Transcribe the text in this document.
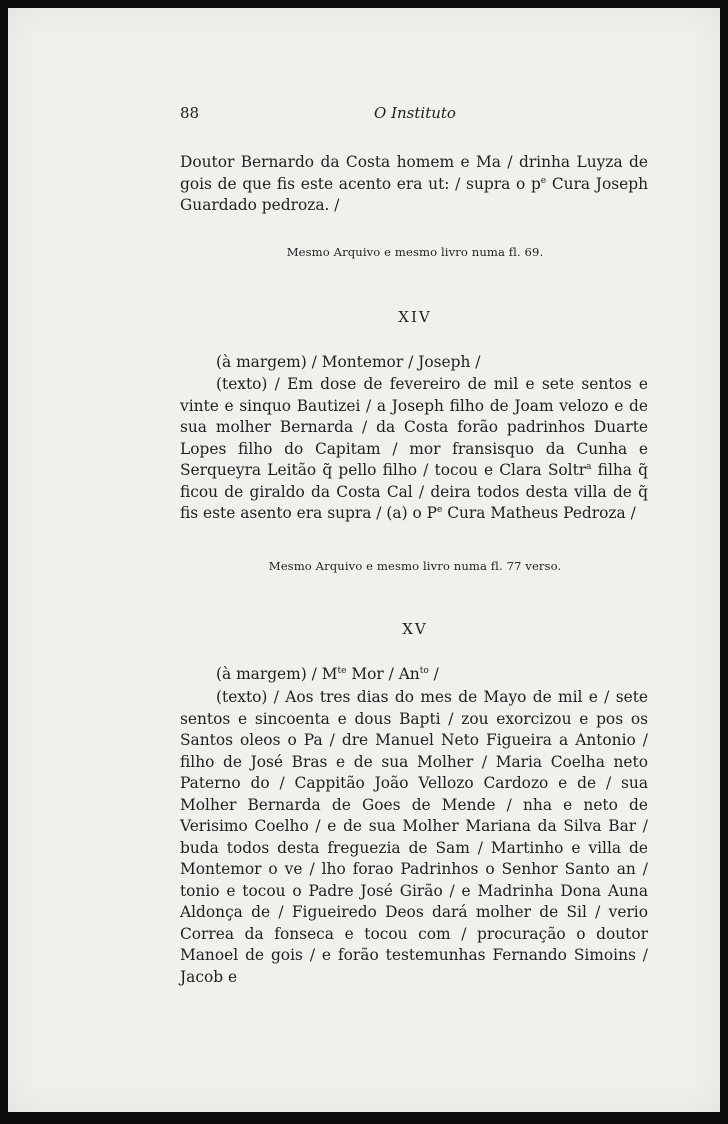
88	O Instituto

Doutor Bernardo da Costa homem e Ma / drinha Luyza de gois de que fis este acento era ut: / supra o $p^e$ Cura Joseph Guardado pedroza. /

Mesmo Arquivo e mesmo livro numa fl. 69.

XIV

(à margem) / Montemor / Joseph /

(texto) / Em dose de fevereiro de mil e sete sentos e vinte e sinquo Bautizei / a Joseph filho de Joam velozo e de sua molher Bernarda / da Costa forão padrinhos Duarte Lopes filho do Capitam / mor fransisquo da Cunha e Serqueyra Leitão q̃ pello filho / tocou e Clara Soltr$^a$ filha q̃ ficou de giraldo da Costa Cal / deira todos desta villa de q̃ fis este asento era supra / (a) o $P^e$ Cura Matheus Pedroza /

Mesmo Arquivo e mesmo livro numa fl. 77 verso.

XV

(à margem) / $M^{te}$ Mor / $An^{to}$ /

(texto) / Aos tres dias do mes de Mayo de mil e / sete sentos e sincoenta e dous Bapti / zou exorcizou e pos os Santos oleos o Pa / dre Manuel Neto Figueira a Antonio / filho de José Bras e de sua Molher / Maria Coelha neto Paterno do / Cappitão João Vellozo Cardozo e de / sua Molher Bernarda de Goes de Mende / nha e neto de Verisimo Coelho / e de sua Molher Mariana da Silva Bar / buda todos desta freguezia de Sam / Martinho e villa de Montemor o ve / lho forao Padrinhos o Senhor Santo an / tonio e tocou o Padre José Girão / e Madrinha Dona Auna Aldonça de / Figueiredo Deos dará molher de Sil / verio Correa da fonseca e tocou com / procuração o doutor Manoel de gois / e forão testemunhas Fernando Simoins / Jacob e
